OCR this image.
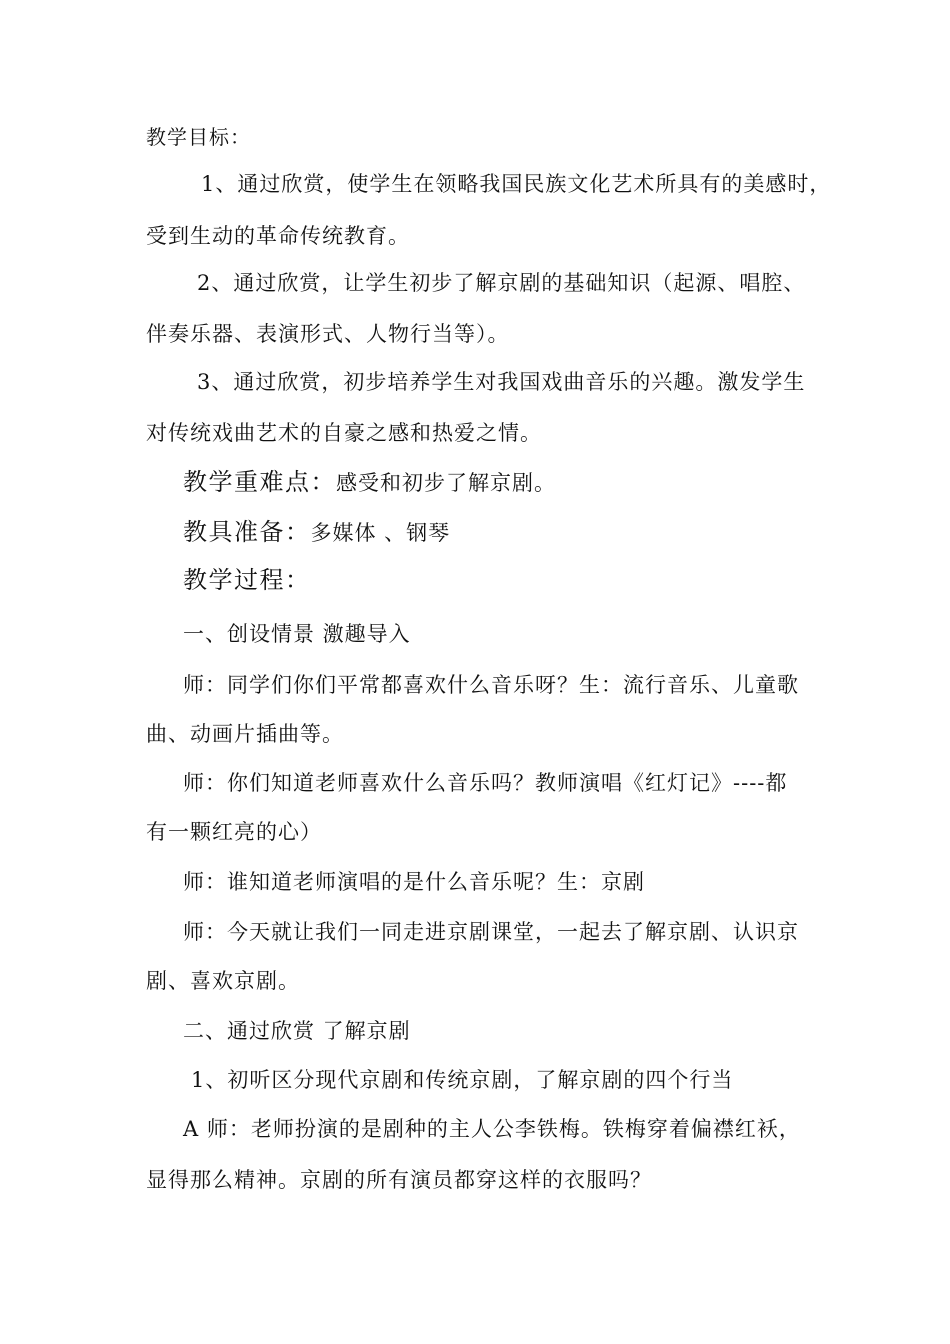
教学目标：
1、通过欣赏，使学生在领略我国民族文化艺术所具有的美感时，
受到生动的革命传统教育。
2、通过欣赏，让学生初步了解京剧的基础知识（起源、唱腔、
伴奏乐器、表演形式、人物行当等）。
3、通过欣赏，初步培养学生对我国戏曲音乐的兴趣。激发学生
对传统戏曲艺术的自豪之感和热爱之情。
教学重难点：感受和初步了解京剧。
教具准备：多媒体 、钢琴
教学过程：
一、创设情景 激趣导入
师：同学们你们平常都喜欢什么音乐呀？生：流行音乐、儿童歌
曲、动画片插曲等。
师：你们知道老师喜欢什么音乐吗？教师演唱《红灯记》----都
有一颗红亮的心）
师：谁知道老师演唱的是什么音乐呢？生：京剧
师：今天就让我们一同走进京剧课堂，一起去了解京剧、认识京
剧、喜欢京剧。
二、通过欣赏 了解京剧
1、初听区分现代京剧和传统京剧，了解京剧的四个行当
A 师：老师扮演的是剧种的主人公李铁梅。铁梅穿着偏襟红袄，
显得那么精神。京剧的所有演员都穿这样的衣服吗？
